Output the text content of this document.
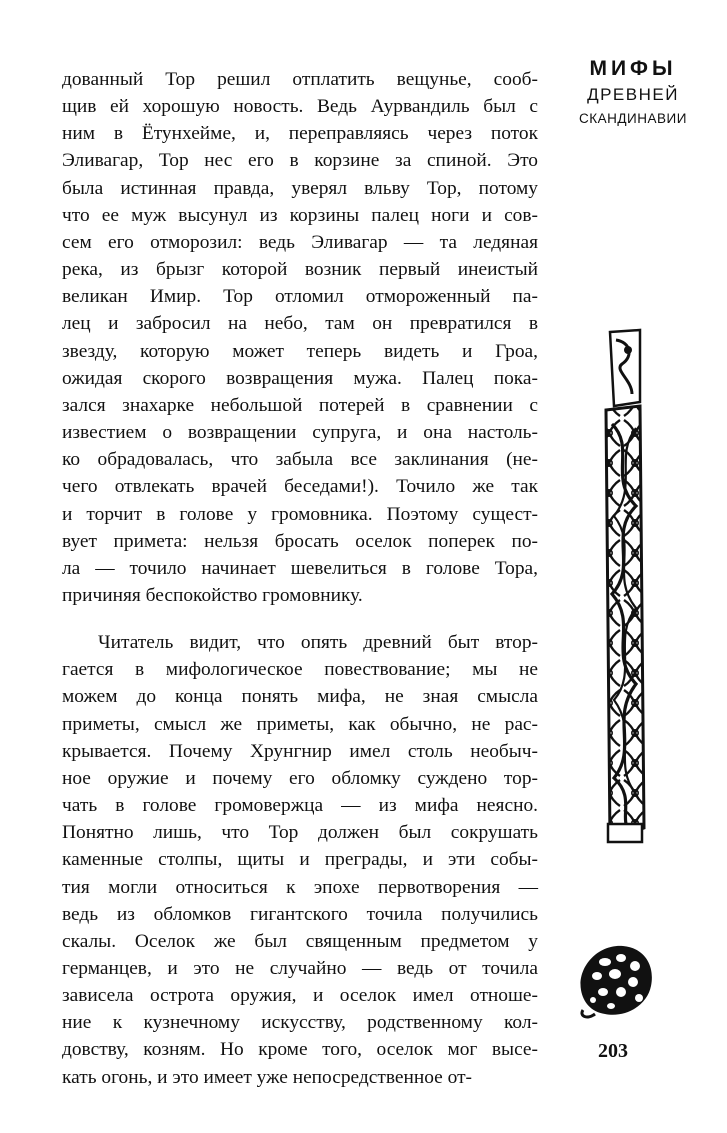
МИФЫ
ДРЕВНЕЙ
СКАНДИНАВИИ
дованный Тор решил отплатить вещунье, сооб-
щив ей хорошую новость. Ведь Аурвандиль был с
ним в Ётунхейме, и, переправляясь через поток
Эливагар, Тор нес его в корзине за спиной. Это
была истинная правда, уверял вльву Тор, потому
что ее муж высунул из корзины палец ноги и сов-
сем его отморозил: ведь Эливагар — та ледяная
река, из брызг которой возник первый инеистый
великан Имир. Тор отломил отмороженный па-
лец и забросил на небо, там он превратился в
звезду, которую может теперь видеть и Гроа,
ожидая скорого возвращения мужа. Палец пока-
зался знахарке небольшой потерей в сравнении с
известием о возвращении супруга, и она настоль-
ко обрадовалась, что забыла все заклинания (не-
чего отвлекать врачей беседами!). Точило же так
и торчит в голове у громовника. Поэтому сущест-
вует примета: нельзя бросать оселок поперек по-
ла — точило начинает шевелиться в голове Тора,
причиняя беспокойство громовнику.
Читатель видит, что опять древний быт втор-
гается в мифологическое повествование; мы не
можем до конца понять мифа, не зная смысла
приметы, смысл же приметы, как обычно, не рас-
крывается. Почему Хрунгнир имел столь необыч-
ное оружие и почему его обломку суждено тор-
чать в голове громовержца — из мифа неясно.
Понятно лишь, что Тор должен был сокрушать
каменные столпы, щиты и преграды, и эти собы-
тия могли относиться к эпохе первотворения —
ведь из обломков гигантского точила получились
скалы. Оселок же был священным предметом у
германцев, и это не случайно — ведь от точила
зависела острота оружия, и оселок имел отноше-
ние к кузнечному искусству, родственному кол-
довству, козням. Но кроме того, оселок мог высе-
кать огонь, и это имеет уже непосредственное от-
203
